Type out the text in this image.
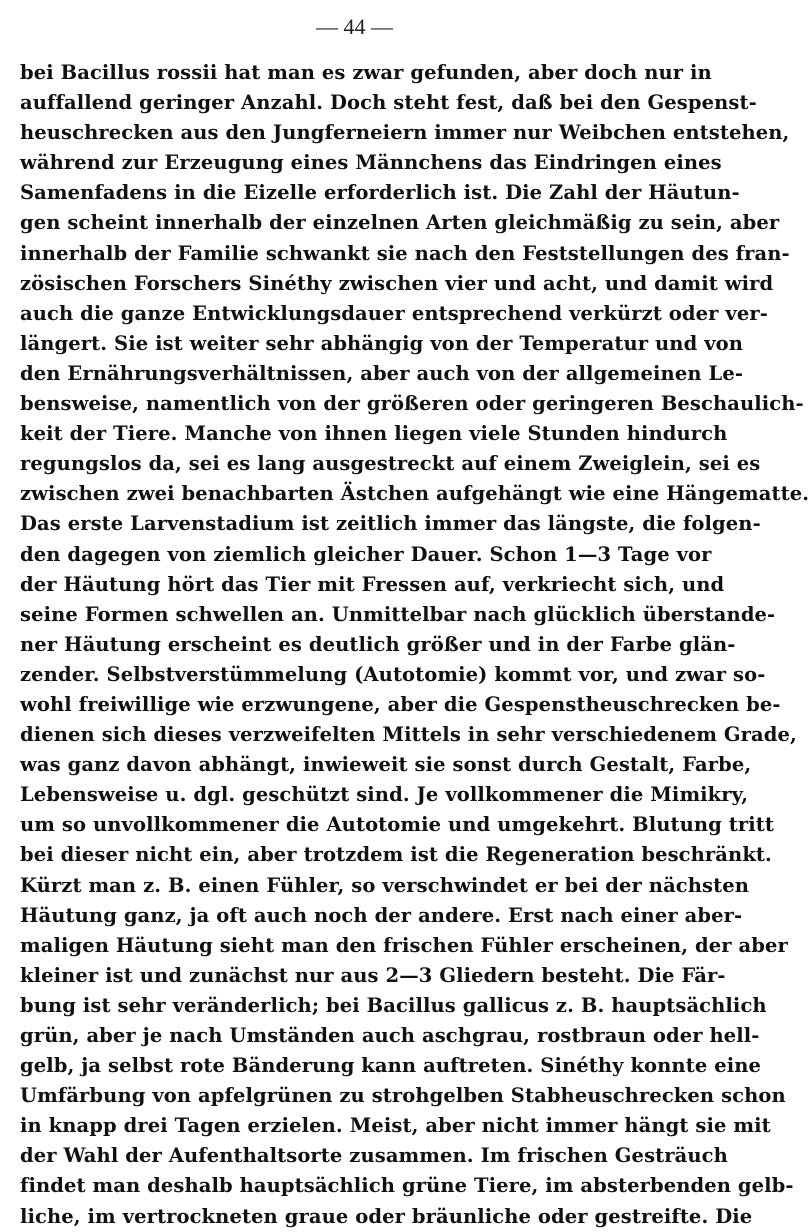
— 44 —
bei Bacillus rossii hat man es zwar gefunden, aber doch nur in
auffallend geringer Anzahl. Doch steht fest, daß bei den Gespenst-
heuschrecken aus den Jungferneiern immer nur Weibchen entstehen,
während zur Erzeugung eines Männchens das Eindringen eines
Samenfadens in die Eizelle erforderlich ist. Die Zahl der Häutun-
gen scheint innerhalb der einzelnen Arten gleichmäßig zu sein, aber
innerhalb der Familie schwankt sie nach den Feststellungen des fran-
zösischen Forschers Sinéthy zwischen vier und acht, und damit wird
auch die ganze Entwicklungsdauer entsprechend verkürzt oder ver-
längert. Sie ist weiter sehr abhängig von der Temperatur und von
den Ernährungsverhältnissen, aber auch von der allgemeinen Le-
bensweise, namentlich von der größeren oder geringeren Beschaulich-
keit der Tiere. Manche von ihnen liegen viele Stunden hindurch
regungslos da, sei es lang ausgestreckt auf einem Zweiglein, sei es
zwischen zwei benachbarten Ästchen aufgehängt wie eine Hängematte.
Das erste Larvenstadium ist zeitlich immer das längste, die folgen-
den dagegen von ziemlich gleicher Dauer. Schon 1—3 Tage vor
der Häutung hört das Tier mit Fressen auf, verkriecht sich, und
seine Formen schwellen an. Unmittelbar nach glücklich überstande-
ner Häutung erscheint es deutlich größer und in der Farbe glän-
zender. Selbstverstümmelung (Autotomie) kommt vor, und zwar so-
wohl freiwillige wie erzwungene, aber die Gespenstheuschrecken be-
dienen sich dieses verzweifelten Mittels in sehr verschiedenem Grade,
was ganz davon abhängt, inwieweit sie sonst durch Gestalt, Farbe,
Lebensweise u. dgl. geschützt sind. Je vollkommener die Mimikry,
um so unvollkommener die Autotomie und umgekehrt. Blutung tritt
bei dieser nicht ein, aber trotzdem ist die Regeneration beschränkt.
Kürzt man z. B. einen Fühler, so verschwindet er bei der nächsten
Häutung ganz, ja oft auch noch der andere. Erst nach einer aber-
maligen Häutung sieht man den frischen Fühler erscheinen, der aber
kleiner ist und zunächst nur aus 2—3 Gliedern besteht. Die Fär-
bung ist sehr veränderlich; bei Bacillus gallicus z. B. hauptsächlich
grün, aber je nach Umständen auch aschgrau, rostbraun oder hell-
gelb, ja selbst rote Bänderung kann auftreten. Sinéthy konnte eine
Umfärbung von apfelgrünen zu strohgelben Stabheuschrecken schon
in knapp drei Tagen erzielen. Meist, aber nicht immer hängt sie mit
der Wahl der Aufenthaltsorte zusammen. Im frischen Gesträuch
findet man deshalb hauptsächlich grüne Tiere, im absterbenden gelb-
liche, im vertrockneten graue oder bräunliche oder gestreifte. Die
